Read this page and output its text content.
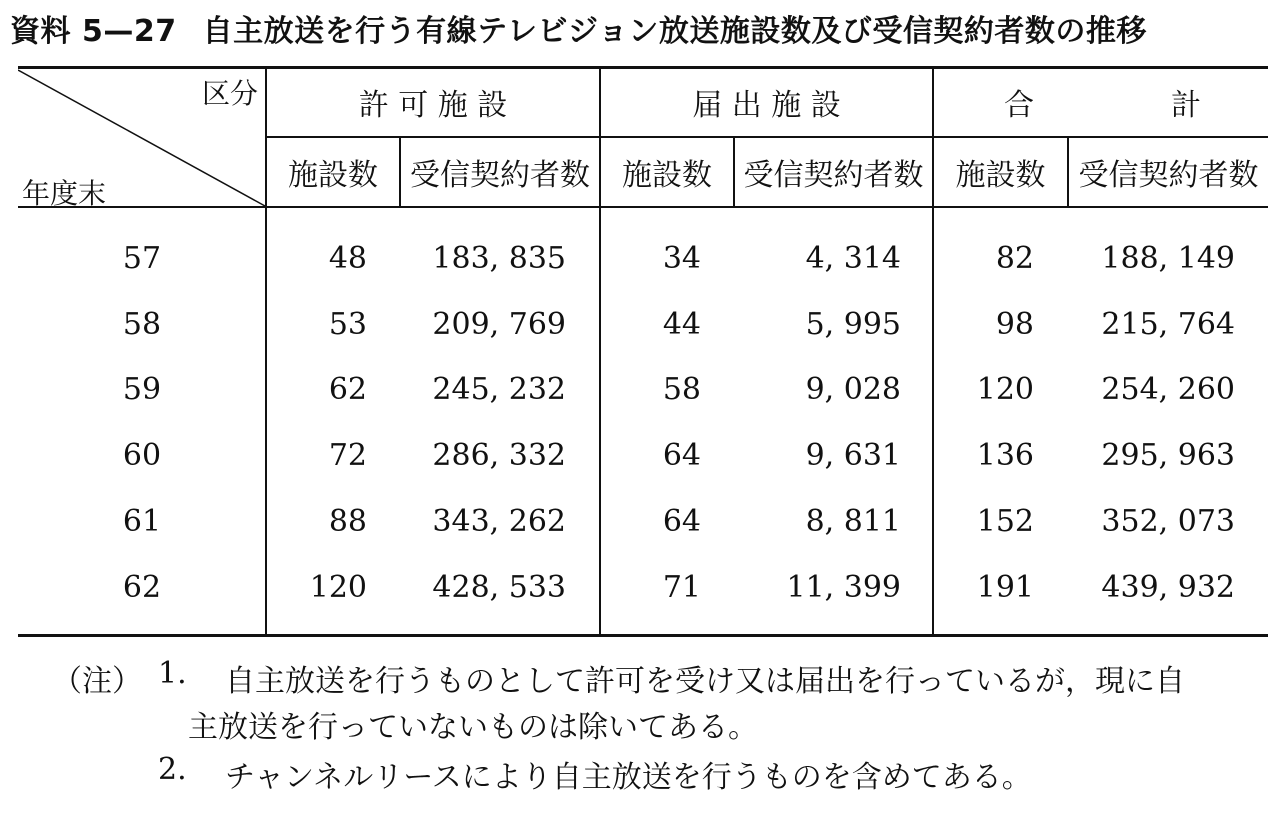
資料 5—27 自主放送を行う有線テレビジョン放送施設数及び受信契約者数の推移
区分
年度末
許 可 施 設	届 出 施 設	合	計
施設数	受信契約者数	施設数	受信契約者数	施設数	受信契約者数
57	48	183, 835	34	4, 314	82	188, 149
58	53	209, 769	44	5, 995	98	215, 764
59	62	245, 232	58	9, 028	120	254, 260
60	72	286, 332	64	9, 631	136	295, 963
61	88	343, 262	64	8, 811	152	352, 073
62	120	428, 533	71	11, 399	191	439, 932
（注） 1. 自主放送を行うものとして許可を受け又は届出を行っているが，現に自
主放送を行っていないものは除いてある。
2. チャンネルリースにより自主放送を行うものを含めてある。
